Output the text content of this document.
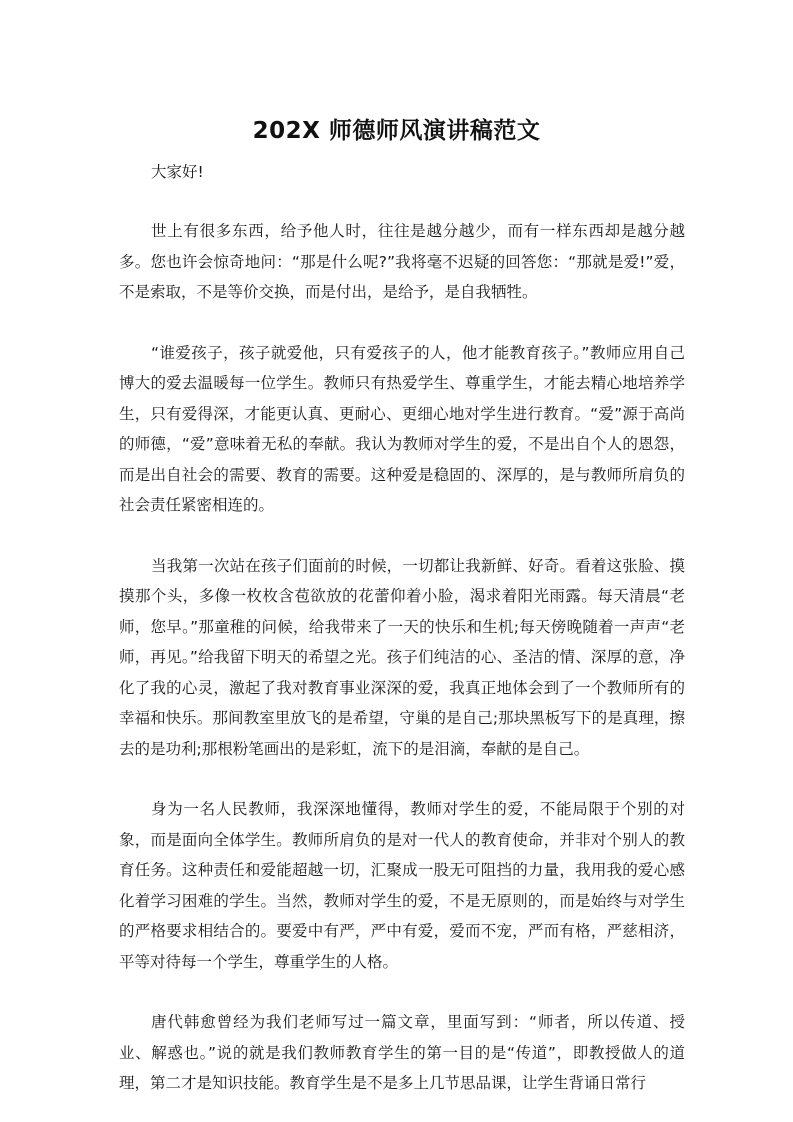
202X 师德师风演讲稿范文

大家好!

世上有很多东西，给予他人时，往往是越分越少，而有一样东西却是越分越多。您也许会惊奇地问：“那是什么呢?”我将毫不迟疑的回答您：“那就是爱!”爱，不是索取，不是等价交换，而是付出，是给予，是自我牺牲。

“谁爱孩子，孩子就爱他，只有爱孩子的人，他才能教育孩子。”教师应用自己博大的爱去温暖每一位学生。教师只有热爱学生、尊重学生，才能去精心地培养学生，只有爱得深，才能更认真、更耐心、更细心地对学生进行教育。“爱”源于高尚的师德，“爱”意味着无私的奉献。我认为教师对学生的爱，不是出自个人的恩怨，而是出自社会的需要、教育的需要。这种爱是稳固的、深厚的，是与教师所肩负的社会责任紧密相连的。

当我第一次站在孩子们面前的时候，一切都让我新鲜、好奇。看着这张脸、摸摸那个头，多像一枚枚含苞欲放的花蕾仰着小脸，渴求着阳光雨露。每天清晨“老师，您早。”那童稚的问候，给我带来了一天的快乐和生机;每天傍晚随着一声声“老师，再见。”给我留下明天的希望之光。孩子们纯洁的心、圣洁的情、深厚的意，净化了我的心灵，激起了我对教育事业深深的爱，我真正地体会到了一个教师所有的幸福和快乐。那间教室里放飞的是希望，守巢的是自己;那块黑板写下的是真理，擦去的是功利;那根粉笔画出的是彩虹，流下的是泪滴，奉献的是自己。

身为一名人民教师，我深深地懂得，教师对学生的爱，不能局限于个别的对象，而是面向全体学生。教师所肩负的是对一代人的教育使命，并非对个别人的教育任务。这种责任和爱能超越一切，汇聚成一股无可阻挡的力量，我用我的爱心感化着学习困难的学生。当然，教师对学生的爱，不是无原则的，而是始终与对学生的严格要求相结合的。要爱中有严，严中有爱，爱而不宠，严而有格，严慈相济，平等对待每一个学生，尊重学生的人格。

唐代韩愈曾经为我们老师写过一篇文章，里面写到：“师者，所以传道、授业、解惑也。”说的就是我们教师教育学生的第一目的是“传道”，即教授做人的道理，第二才是知识技能。教育学生是不是多上几节思品课，让学生背诵日常行
